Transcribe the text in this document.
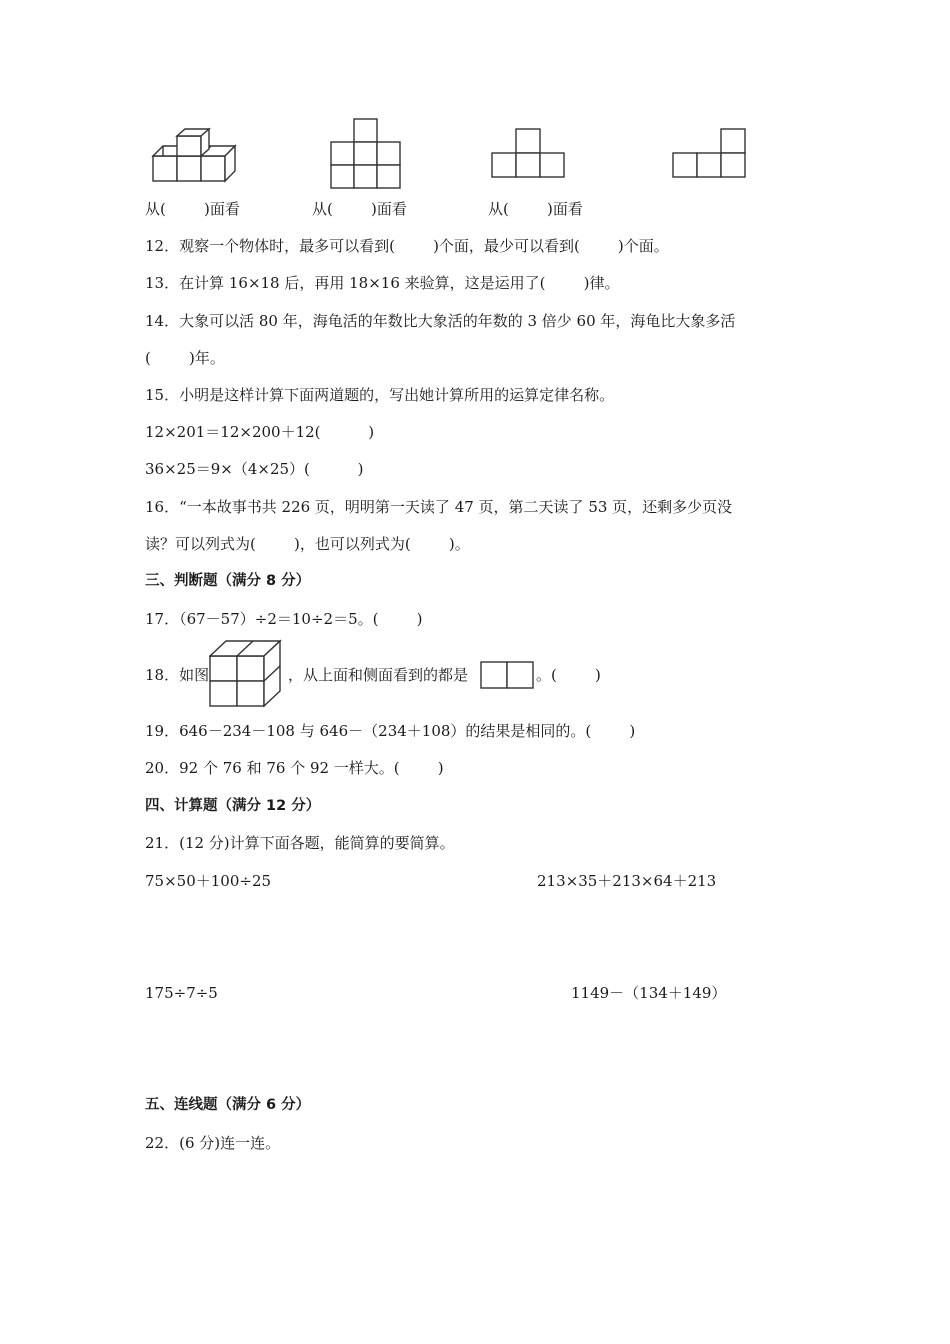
从(        )面看	从(        )面看	从(        )面看
12．观察一个物体时，最多可以看到(        )个面，最少可以看到(        )个面。
13．在计算 16×18 后，再用 18×16 来验算，这是运用了(        )律。
14．大象可以活 80 年，海龟活的年数比大象活的年数的 3 倍少 60 年，海龟比大象多活
(        )年。
15．小明是这样计算下面两道题的，写出她计算所用的运算定律名称。
12×201＝12×200＋12(          )
36×25＝9×（4×25）(          )
16．“一本故事书共 226 页，明明第一天读了 47 页，第二天读了 53 页，还剩多少页没
读？可以列式为(        )，也可以列式为(        )。
三、判断题（满分 8 分）
17．（67－57）÷2＝10÷2＝5。(        )
18．如图	，从上面和侧面看到的都是	。(        )
19．646－234－108 与 646－（234＋108）的结果是相同的。(        )
20．92 个 76 和 76 个 92 一样大。(        )
四、计算题（满分 12 分）
21．(12 分)计算下面各题，能简算的要简算。
75×50＋100÷25	213×35＋213×64＋213
175÷7÷5	1149－（134＋149）
五、连线题（满分 6 分）
22．(6 分)连一连。
